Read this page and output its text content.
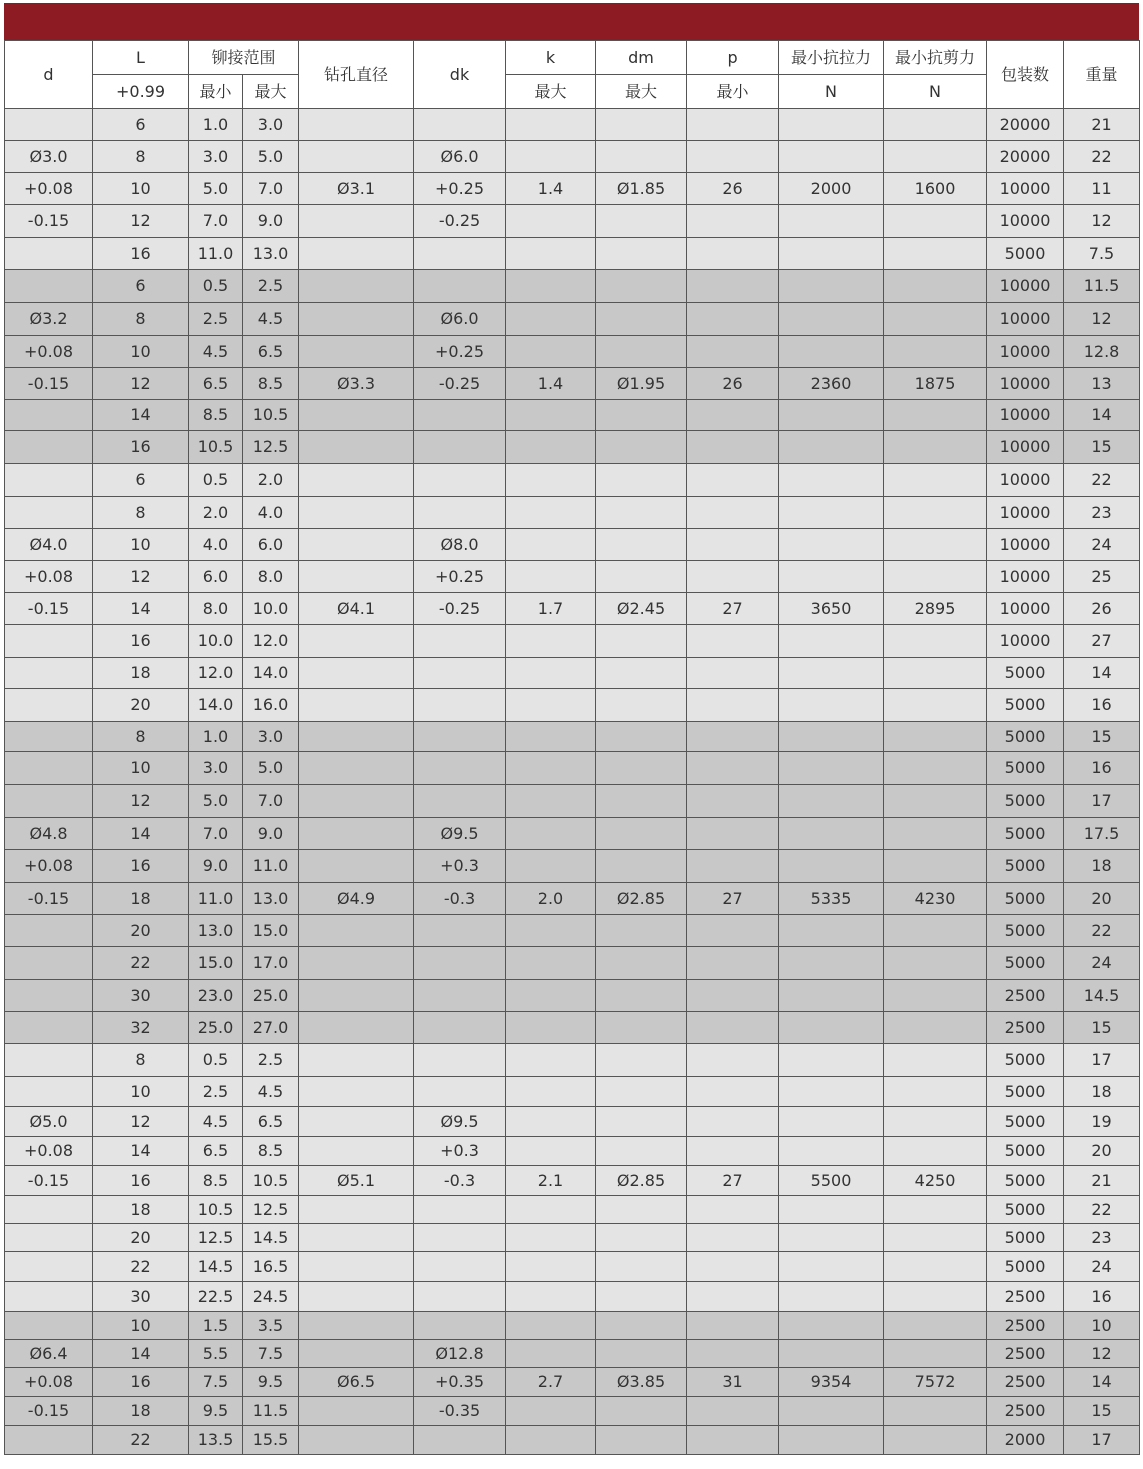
d	L	铆接范围		钻孔直径	dk	k	dm	p	最小抗拉力	最小抗剪力	包装数	重量
	+0.99	最小	最大			最大	最大	最小	N	N		
	6	1.0	3.0								20000	21
Ø3.0	8	3.0	5.0		Ø6.0						20000	22
+0.08	10	5.0	7.0	Ø3.1	+0.25	1.4	Ø1.85	26	2000	1600	10000	11
-0.15	12	7.0	9.0		-0.25						10000	12
	16	11.0	13.0								5000	7.5
	6	0.5	2.5								10000	11.5
Ø3.2	8	2.5	4.5		Ø6.0						10000	12
+0.08	10	4.5	6.5		+0.25						10000	12.8
-0.15	12	6.5	8.5	Ø3.3	-0.25	1.4	Ø1.95	26	2360	1875	10000	13
	14	8.5	10.5								10000	14
	16	10.5	12.5								10000	15
	6	0.5	2.0								10000	22
	8	2.0	4.0								10000	23
Ø4.0	10	4.0	6.0		Ø8.0						10000	24
+0.08	12	6.0	8.0		+0.25						10000	25
-0.15	14	8.0	10.0	Ø4.1	-0.25	1.7	Ø2.45	27	3650	2895	10000	26
	16	10.0	12.0								10000	27
	18	12.0	14.0								5000	14
	20	14.0	16.0								5000	16
	8	1.0	3.0								5000	15
	10	3.0	5.0								5000	16
	12	5.0	7.0								5000	17
Ø4.8	14	7.0	9.0		Ø9.5						5000	17.5
+0.08	16	9.0	11.0		+0.3						5000	18
-0.15	18	11.0	13.0	Ø4.9	-0.3	2.0	Ø2.85	27	5335	4230	5000	20
	20	13.0	15.0								5000	22
	22	15.0	17.0								5000	24
	30	23.0	25.0								2500	14.5
	32	25.0	27.0								2500	15
	8	0.5	2.5								5000	17
	10	2.5	4.5								5000	18
Ø5.0	12	4.5	6.5		Ø9.5						5000	19
+0.08	14	6.5	8.5		+0.3						5000	20
-0.15	16	8.5	10.5	Ø5.1	-0.3	2.1	Ø2.85	27	5500	4250	5000	21
	18	10.5	12.5								5000	22
	20	12.5	14.5								5000	23
	22	14.5	16.5								5000	24
	30	22.5	24.5								2500	16
	10	1.5	3.5								2500	10
Ø6.4	14	5.5	7.5		Ø12.8						2500	12
+0.08	16	7.5	9.5	Ø6.5	+0.35	2.7	Ø3.85	31	9354	7572	2500	14
-0.15	18	9.5	11.5		-0.35						2500	15
	22	13.5	15.5								2000	17
